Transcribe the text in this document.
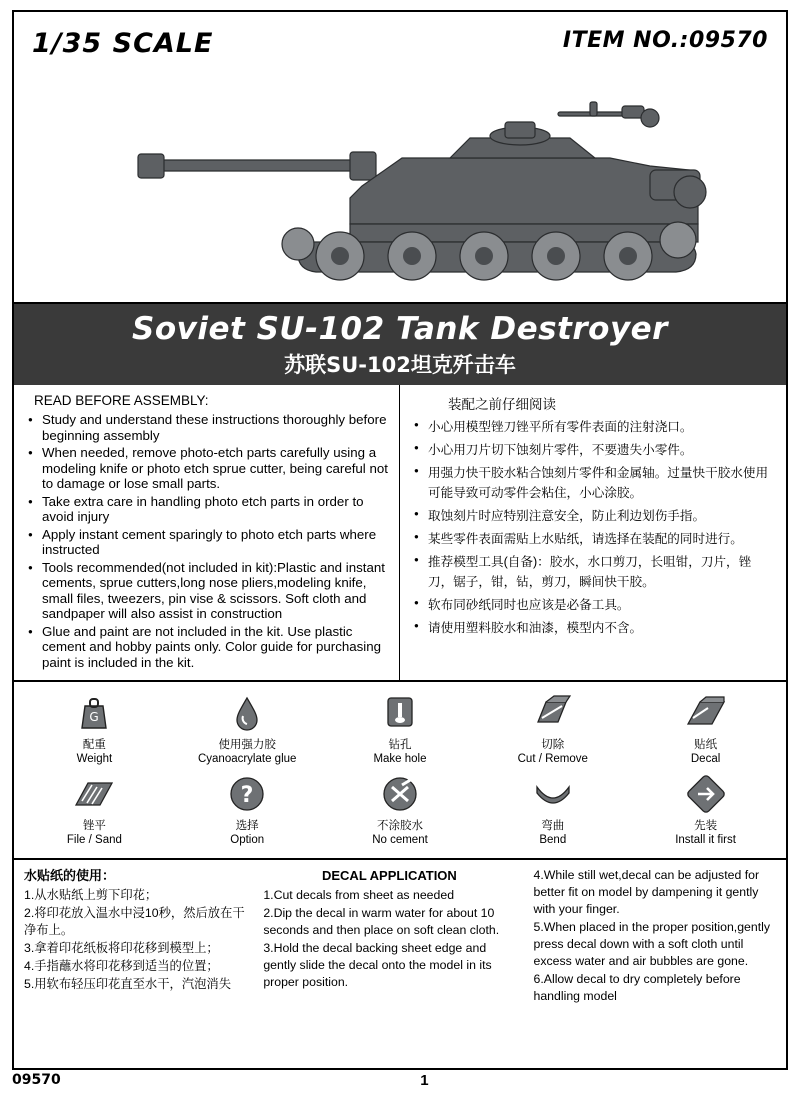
1/35 SCALE	ITEM NO.:09570
Soviet SU-102 Tank Destroyer
苏联SU-102坦克歼击车
READ BEFORE ASSEMBLY:
● Study and understand these instructions thoroughly before beginning assembly
● When needed, remove photo-etch parts carefully using a modeling knife or photo etch sprue cutter, being careful not to damage or lose small parts.
● Take extra care in handling photo etch parts in order to avoid injury
● Apply instant cement sparingly to photo etch parts where instructed
● Tools recommended(not included in kit):Plastic and instant cements, sprue cutters,long nose pliers,modeling knife, small files, tweezers, pin vise & scissors. Soft cloth and sandpaper will also assist in construction
● Glue and paint are not included in the kit. Use plastic cement and hobby paints only. Color guide for purchasing paint is included in the kit.
装配之前仔细阅读
● 小心用模型锉刀锉平所有零件表面的注射浇口。
● 小心用刀片切下蚀刻片零件，不要遗失小零件。
● 用强力快干胶水粘合蚀刻片零件和金属轴。过量快干胶水使用可能导致可动零件会粘住，小心涂胶。
● 取蚀刻片时应特别注意安全，防止利边划伤手指。
● 某些零件表面需贴上水贴纸，请选择在装配的同时进行。
● 推荐模型工具(自备)：胶水，水口剪刀，长咀钳，刀片，锉刀，锯子，钳，钻，剪刀，瞬间快干胶。
● 软布同砂纸同时也应该是必备工具。
● 请使用塑料胶水和油漆，模型内不含。
G
配重
Weight
使用强力胶
Cyanoacrylate glue
钻孔
Make hole
切除
Cut / Remove
贴纸
Decal
锉平
File / Sand
?
选择
Option
不涂胶水
No cement
弯曲
Bend
先装
Install it first
水贴纸的使用：
1.从水贴纸上剪下印花；
2.将印花放入温水中浸10秒，然后放在干净布上。
3.拿着印花纸板将印花移到模型上；
4.手指蘸水将印花移到适当的位置；
5.用软布轻压印花直至水干，汽泡消失
DECAL APPLICATION
1.Cut decals from sheet as needed
2.Dip the decal in warm water for about 10 seconds and then place on soft clean cloth.
3.Hold the decal backing sheet edge and gently slide the decal onto the model in its proper position.
4.While still wet,decal can be adjusted for better fit on model by dampening it gently with your finger.
5.When placed in the proper position,gently press decal down with a soft cloth until excess water and air bubbles are gone.
6.Allow decal to dry completely before handling model
09570	1
